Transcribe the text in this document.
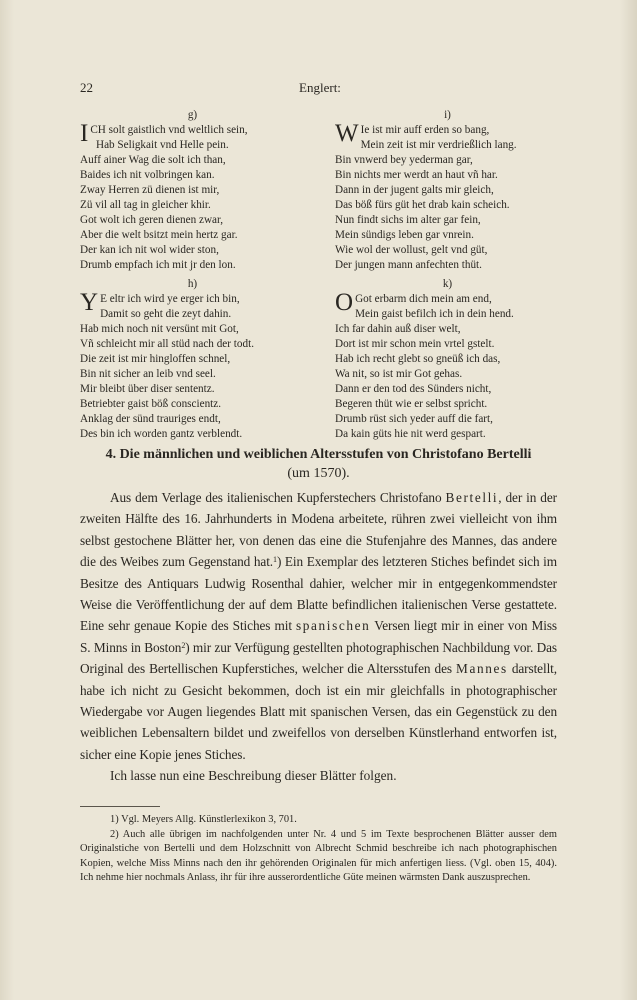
22	Englert:
g)
ICH solt gaistlich vnd weltlich sein,
Hab Seligkait vnd Helle pein.
Auff ainer Wag die solt ich than,
Baides ich nit volbringen kan.
Zway Herren zü dienen ist mir,
Zü vil all tag in gleicher khir.
Got wolt ich geren dienen zwar,
Aber die welt bsitzt mein hertz gar.
Der kan ich nit wol wider ston,
Drumb empfach ich mit jr den lon.
i)
W Ie ist mir auff erden so bang,
Mein zeit ist mir verdrießlich lang.
Bin vnwerd bey yederman gar,
Bin nichts mer werdt an haut vñ har.
Dann in der jugent galts mir gleich,
Das böß fürs güt het drab kain scheich.
Nun findt sichs im alter gar fein,
Mein sündigs leben gar vnrein.
Wie wol der wollust, gelt vnd güt,
Der jungen mann anfechten thüt.
h)
Y E eltr ich wird ye erger ich bin,
Damit so geht die zeyt dahin.
Hab mich noch nit versünt mit Got,
Vñ schleicht mir all stüd nach der todt.
Die zeit ist mir hingloffen schnel,
Bin nit sicher an leib vnd seel.
Mir bleibt über diser sententz.
Betriebter gaist böß conscientz.
Anklag der sünd trauriges endt,
Des bin ich worden gantz verblendt.
k)
O Got erbarm dich mein am end,
Mein gaist befilch ich in dein hend.
Ich far dahin auß diser welt,
Dort ist mir schon mein vrtel gstelt.
Hab ich recht glebt so gneüß ich das,
Wa nit, so ist mir Got gehas.
Dann er den tod des Sünders nicht,
Begeren thüt wie er selbst spricht.
Drumb rüst sich yeder auff die fart,
Da kain güts hie nit werd gespart.

4. Die männlichen und weiblichen Altersstufen von Christofano Bertelli

(um 1570).

Aus dem Verlage des italienischen Kupferstechers Christofano Bertelli, der in der zweiten Hälfte des 16. Jahrhunderts in Modena arbeitete, rühren zwei vielleicht von ihm selbst gestochene Blätter her, von denen das eine die Stufenjahre des Mannes, das andere die des Weibes zum Gegenstand hat.$^1$) Ein Exemplar des letzteren Stiches befindet sich im Besitze des Antiquars Ludwig Rosenthal dahier, welcher mir in entgegenkommendster Weise die Veröffentlichung der auf dem Blatte befindlichen italienischen Verse gestattete. Eine sehr genaue Kopie des Stiches mit spanischen Versen liegt mir in einer von Miss S. Minns in Boston$^2$) mir zur Verfügung gestellten photographischen Nachbildung vor. Das Original des Bertellischen Kupferstiches, welcher die Altersstufen des Mannes darstellt, habe ich nicht zu Gesicht bekommen, doch ist ein mir gleichfalls in photographischer Wiedergabe vor Augen liegendes Blatt mit spanischen Versen, das ein Gegenstück zu den weiblichen Lebensaltern bildet und zweifellos von derselben Künstlerhand entworfen ist, sicher eine Kopie jenes Stiches.

Ich lasse nun eine Beschreibung dieser Blätter folgen.

1) Vgl. Meyers Allg. Künstlerlexikon 3, 701.

2) Auch alle übrigen im nachfolgenden unter Nr. 4 und 5 im Texte besprochenen Blätter ausser dem Originalstiche von Bertelli und dem Holzschnitt von Albrecht Schmid beschreibe ich nach photographischen Kopien, welche Miss Minns nach den ihr gehörenden Originalen für mich anfertigen liess. (Vgl. oben 15, 404). Ich nehme hier nochmals Anlass, ihr für ihre ausserordentliche Güte meinen wärmsten Dank auszusprechen.
